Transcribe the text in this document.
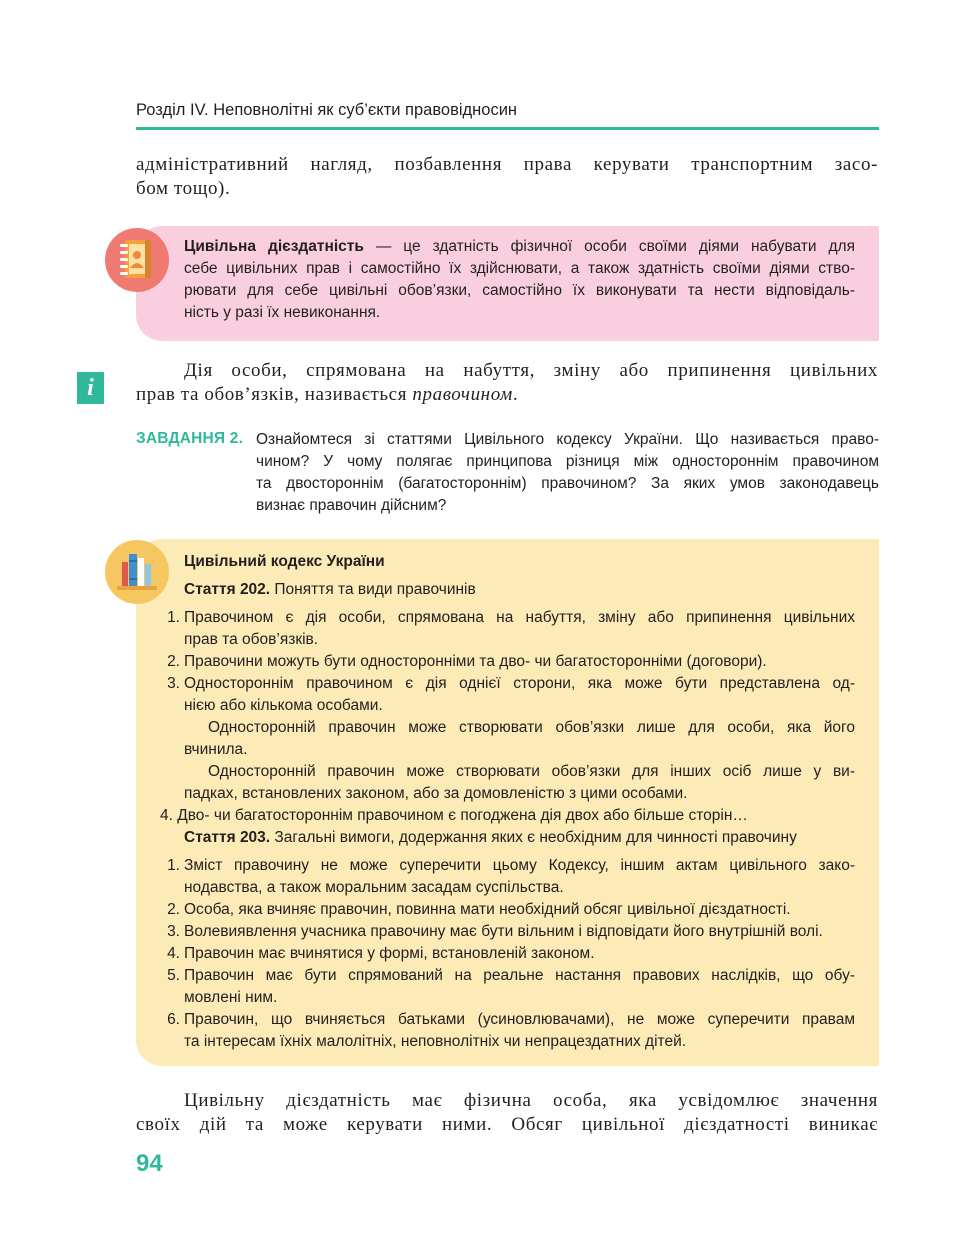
Розділ IV. Неповнолітні як суб’єкти правовідносин
адміністративний нагляд, позбавлення права керувати транспортним засо-
бом тощо).
Цивільна дієздатність — це здатність фізичної особи своїми діями набувати для
себе цивільних прав і самостійно їх здійснювати, а також здатність своїми діями ство-
рювати для себе цивільні обов’язки, самостійно їх виконувати та нести відповідаль-
ність у разі їх невиконання.
i
Дія особи, спрямована на набуття, зміну або припинення цивільних
прав та обов’язків, називається правочином.
ЗАВДАННЯ 2. Ознайомтеся зі статтями Цивільного кодексу України. Що називається право-
чином? У чому полягає принципова різниця між одностороннім правочином
та двостороннім (багатостороннім) правочином? За яких умов законодавець
визнає правочин дійсним?
Цивільний кодекс України
Стаття 202. Поняття та види правочинів
1. Правочином є дія особи, спрямована на набуття, зміну або припинення цивільних
прав та обов’язків.
2. Правочини можуть бути односторонніми та дво- чи багатосторонніми (договори).
3. Одностороннім правочином є дія однієї сторони, яка може бути представлена од-
нією або кількома особами.
Односторонній правочин може створювати обов’язки лише для особи, яка його
вчинила.
Односторонній правочин може створювати обов’язки для інших осіб лише у ви-
падках, встановлених законом, або за домовленістю з цими особами.
4. Дво- чи багатостороннім правочином є погоджена дія двох або більше сторін…
Стаття 203. Загальні вимоги, додержання яких є необхідним для чинності правочину
1. Зміст правочину не може суперечити цьому Кодексу, іншим актам цивільного зако-
нодавства, а також моральним засадам суспільства.
2. Особа, яка вчиняє правочин, повинна мати необхідний обсяг цивільної дієздатності.
3. Волевиявлення учасника правочину має бути вільним і відповідати його внутрішній волі.
4. Правочин має вчинятися у формі, встановленій законом.
5. Правочин має бути спрямований на реальне настання правових наслідків, що обу-
мовлені ним.
6. Правочин, що вчиняється батьками (усиновлювачами), не може суперечити правам
та інтересам їхніх малолітніх, неповнолітніх чи непрацездатних дітей.
Цивільну дієздатність має фізична особа, яка усвідомлює значення
своїх дій та може керувати ними. Обсяг цивільної дієздатності виникає
94
